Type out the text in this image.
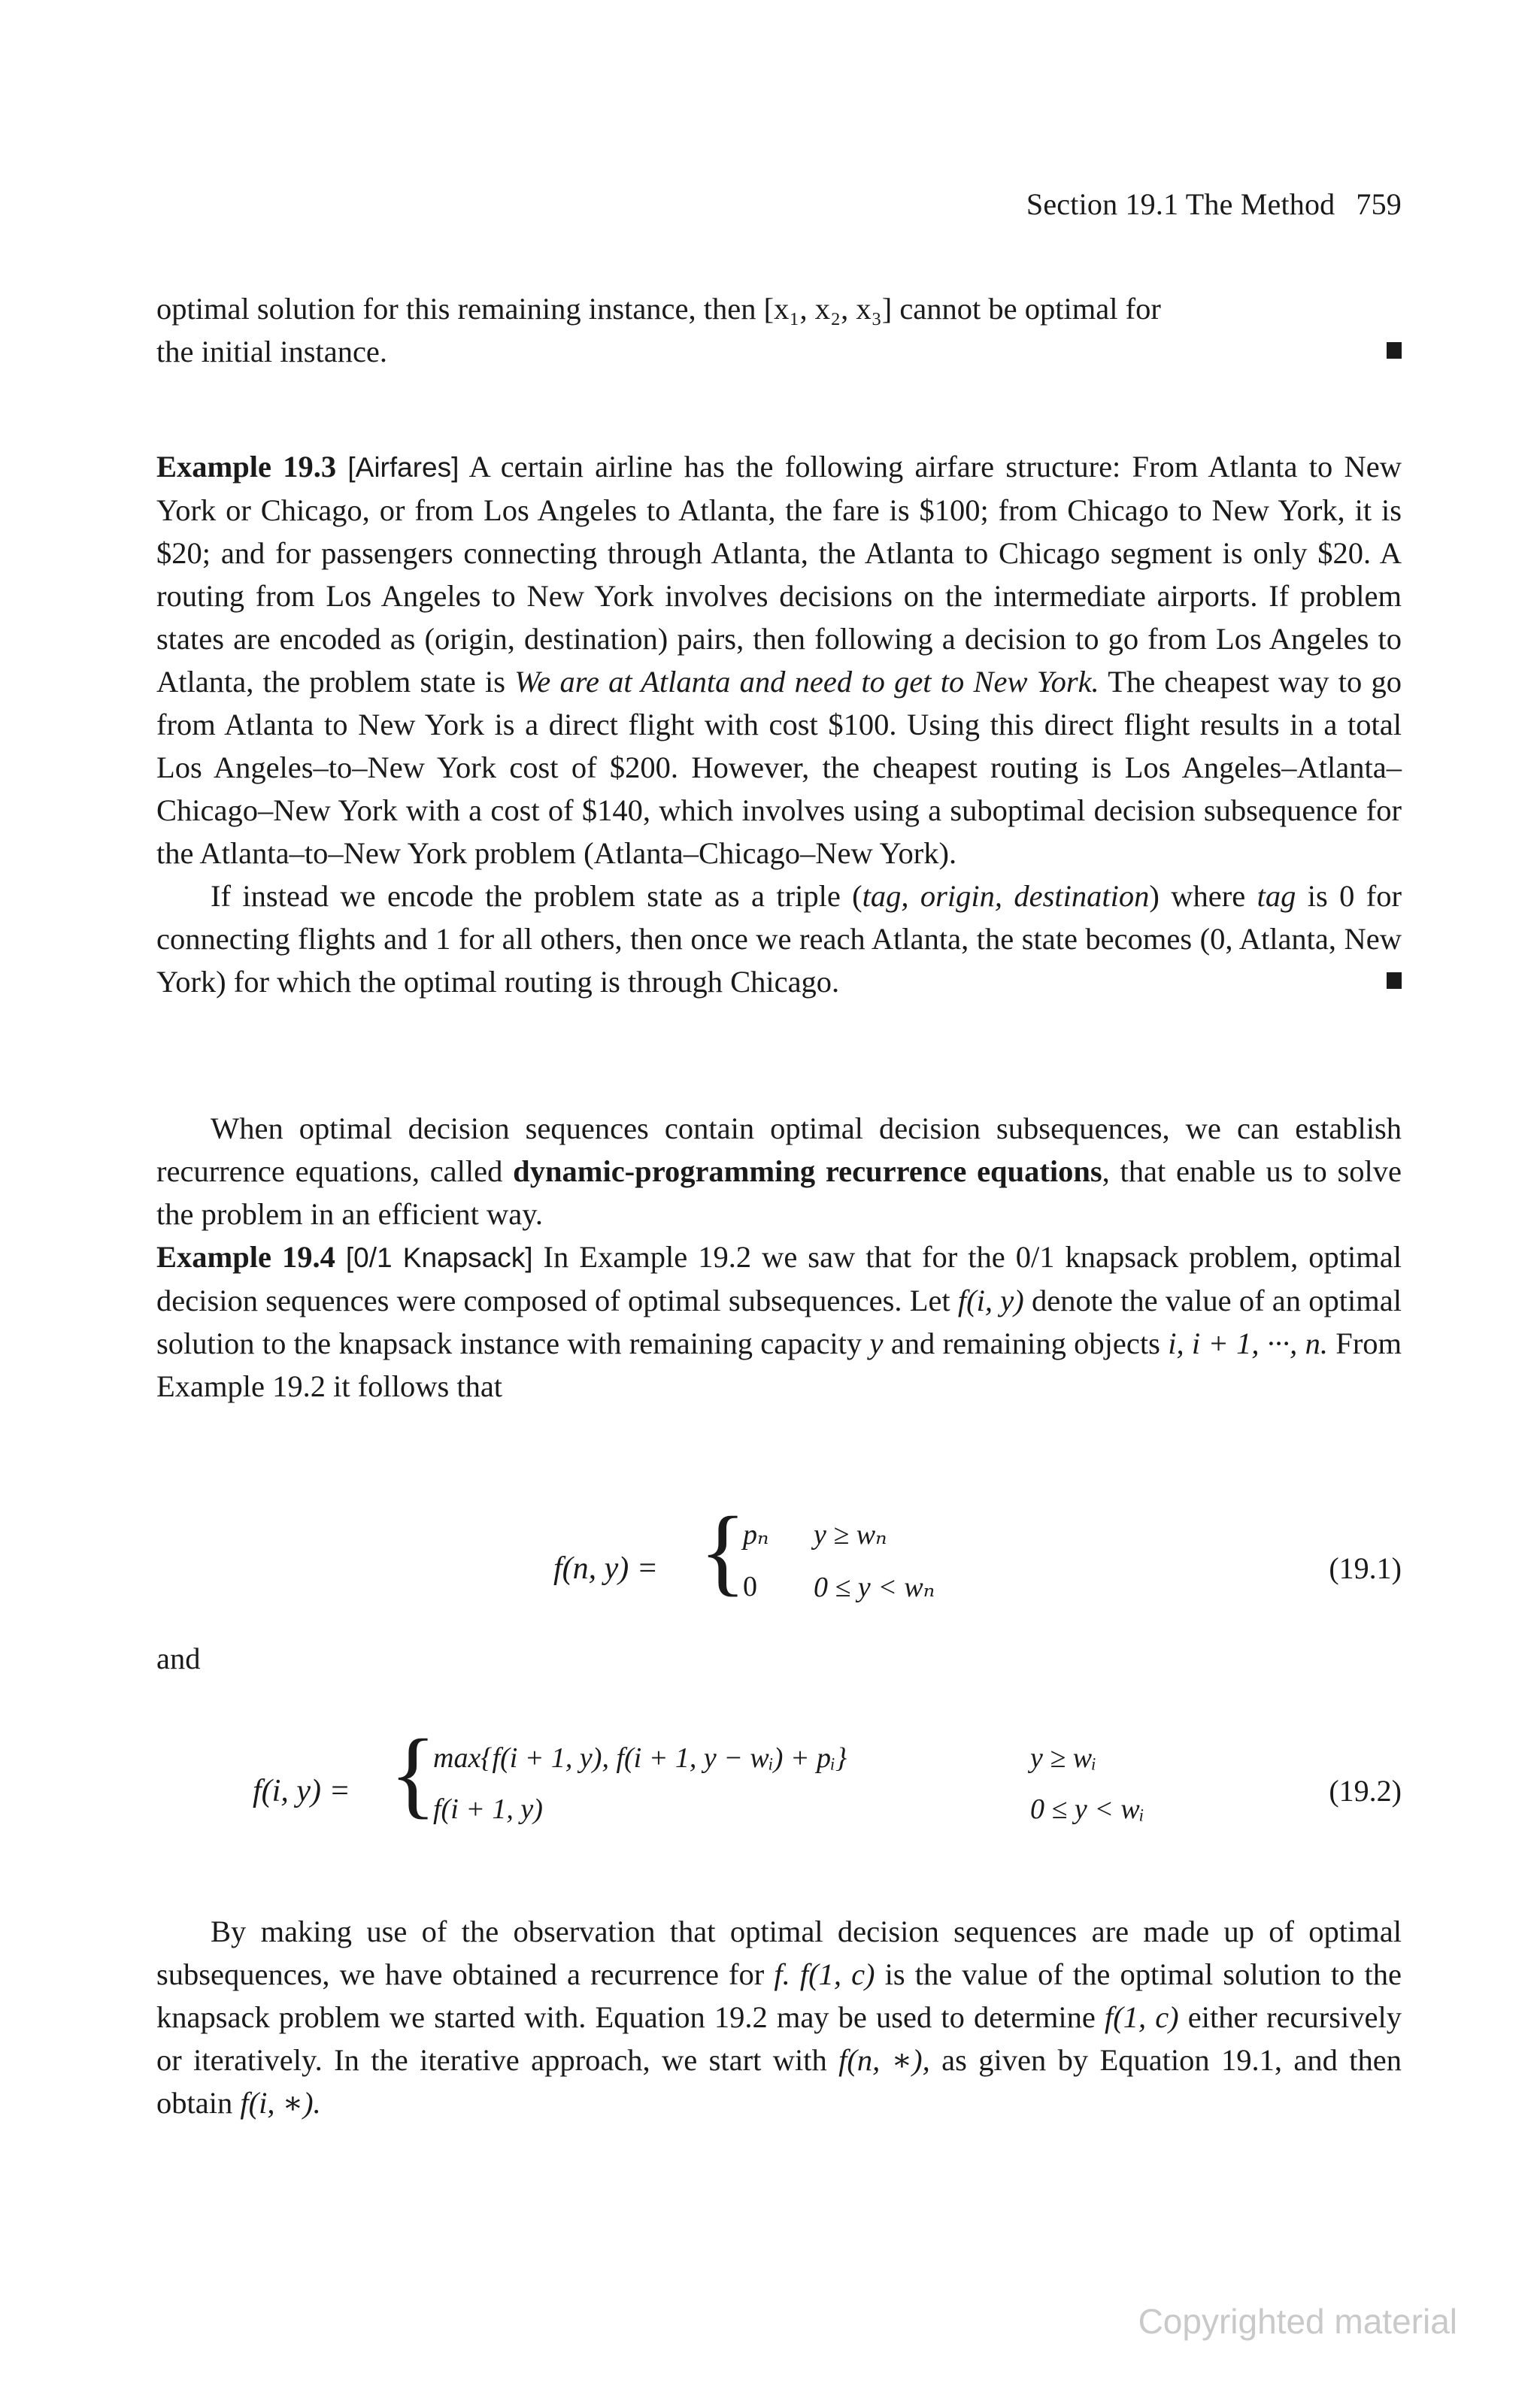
Section 19.1 The Method 759

optimal solution for this remaining instance, then [x₁, x₂, x₃] cannot be optimal for

the initial instance.

Example 19.3 [Airfares] A certain airline has the following airfare structure: From Atlanta to New York or Chicago, or from Los Angeles to Atlanta, the fare is $100; from Chicago to New York, it is $20; and for passengers connecting through Atlanta, the Atlanta to Chicago segment is only $20. A routing from Los Angeles to New York involves decisions on the intermediate airports. If problem states are encoded as (origin, destination) pairs, then following a decision to go from Los Angeles to Atlanta, the problem state is We are at Atlanta and need to get to New York. The cheapest way to go from Atlanta to New York is a direct flight with cost $100. Using this direct flight results in a total Los Angeles–to–New York cost of $200. However, the cheapest routing is Los Angeles–Atlanta–Chicago–New York with a cost of $140, which involves using a suboptimal decision subsequence for the Atlanta–to–New York problem (Atlanta–Chicago–New York).

If instead we encode the problem state as a triple (tag, origin, destination) where tag is 0 for connecting flights and 1 for all others, then once we reach Atlanta, the state becomes (0, Atlanta, New York) for which the optimal routing is through Chicago.

When optimal decision sequences contain optimal decision subsequences, we can establish recurrence equations, called dynamic-programming recurrence equations, that enable us to solve the problem in an efficient way.

Example 19.4 [0/1 Knapsack] In Example 19.2 we saw that for the 0/1 knapsack problem, optimal decision sequences were composed of optimal subsequences. Let f(i, y) denote the value of an optimal solution to the knapsack instance with remaining capacity y and remaining objects i, i + 1, ···, n. From Example 19.2 it follows that

f(n, y) = {
pₙ y ≥ wₙ
0 0 ≤ y < wₙ
(19.1)
and
f(i, y) = {
max{f(i + 1, y), f(i + 1, y − wᵢ) + pᵢ}	y ≥ wᵢ
f(i + 1, y)	0 ≤ y < wᵢ
(19.2)

By making use of the observation that optimal decision sequences are made up of optimal subsequences, we have obtained a recurrence for f. f(1, c) is the value of the optimal solution to the knapsack problem we started with. Equation 19.2 may be used to determine f(1, c) either recursively or iteratively. In the iterative approach, we start with f(n, ∗), as given by Equation 19.1, and then obtain f(i, ∗).

Copyrighted material
